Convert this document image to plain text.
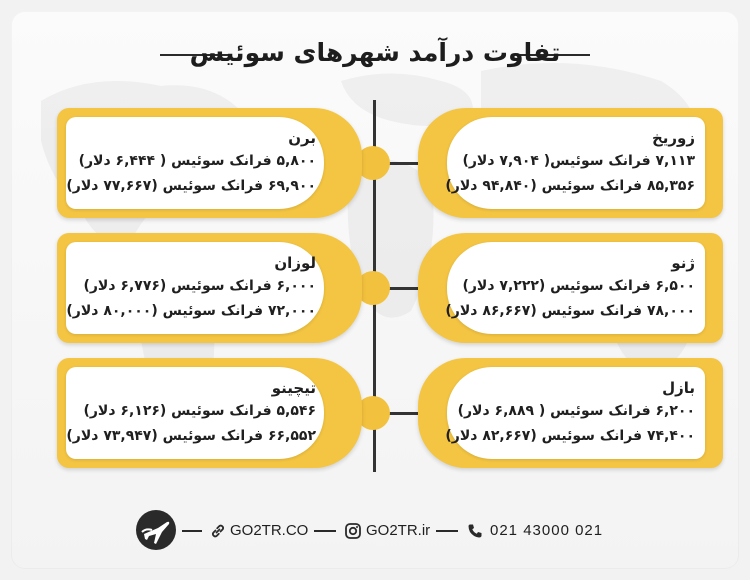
تفاوت درآمد شهرهای سوئیس
برن
۵,۸۰۰ فرانک سوئیس ( ۶,۴۴۴ دلار)
۶۹,۹۰۰ فرانک سوئیس (۷۷,۶۶۷ دلار)
لوزان
۶,۰۰۰ فرانک سوئیس (۶,۷۷۶ دلار)
۷۲,۰۰۰ فرانک سوئیس (۸۰,۰۰۰ دلار)
تیچینو
۵,۵۴۶ فرانک سوئیس (۶,۱۲۶ دلار)
۶۶,۵۵۲ فرانک سوئیس (۷۳,۹۴۷ دلار)
زوریخ
۷,۱۱۳ فرانک سوئیس( ۷,۹۰۴ دلار)
۸۵,۳۵۶ فرانک سوئیس (۹۴,۸۴۰ دلار)
ژنو
۶,۵۰۰ فرانک سوئیس (۷,۲۲۲ دلار)
۷۸,۰۰۰ فرانک سوئیس (۸۶,۶۶۷ دلار)
بازل
۶,۲۰۰ فرانک سوئیس ( ۶,۸۸۹ دلار)
۷۴,۴۰۰ فرانک سوئیس (۸۲,۶۶۷ دلار)
GO2TR.CO	GO2TR.ir	021 43000 021
